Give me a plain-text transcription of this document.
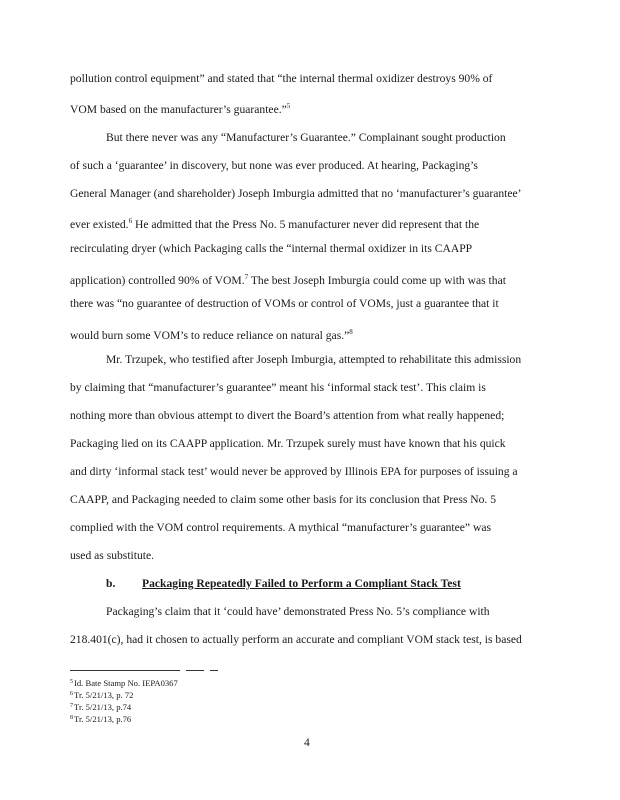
pollution control equipment” and stated that “the internal thermal oxidizer destroys 90% of
VOM based on the manufacturer’s guarantee.”$^5$
But there never was any “Manufacturer’s Guarantee.” Complainant sought production
of such a ‘guarantee’ in discovery, but none was ever produced. At hearing, Packaging’s
General Manager (and shareholder) Joseph Imburgia admitted that no ‘manufacturer’s guarantee’
ever existed.$^6$ He admitted that the Press No. 5 manufacturer never did represent that the
recirculating dryer (which Packaging calls the “internal thermal oxidizer in its CAAPP
application) controlled 90% of VOM.$^7$ The best Joseph Imburgia could come up with was that
there was “no guarantee of destruction of VOMs or control of VOMs, just a guarantee that it
would burn some VOM’s to reduce reliance on natural gas.”$^8$
Mr. Trzupek, who testified after Joseph Imburgia, attempted to rehabilitate this admission
by claiming that “manufacturer’s guarantee” meant his ‘informal stack test’. This claim is
nothing more than obvious attempt to divert the Board’s attention from what really happened;
Packaging lied on its CAAPP application. Mr. Trzupek surely must have known that his quick
and dirty ‘informal stack test’ would never be approved by Illinois EPA for purposes of issuing a
CAAPP, and Packaging needed to claim some other basis for its conclusion that Press No. 5
complied with the VOM control requirements. A mythical “manufacturer’s guarantee” was
used as substitute.
b. Packaging Repeatedly Failed to Perform a Compliant Stack Test
Packaging’s claim that it ‘could have’ demonstrated Press No. 5’s compliance with
218.401(c), had it chosen to actually perform an accurate and compliant VOM stack test, is based
$^5$Id. Bate Stamp No. IEPA0367
$^6$Tr. 5/21/13, p. 72
$^7$Tr. 5/21/13, p.74
$^8$Tr. 5/21/13, p.76
4
